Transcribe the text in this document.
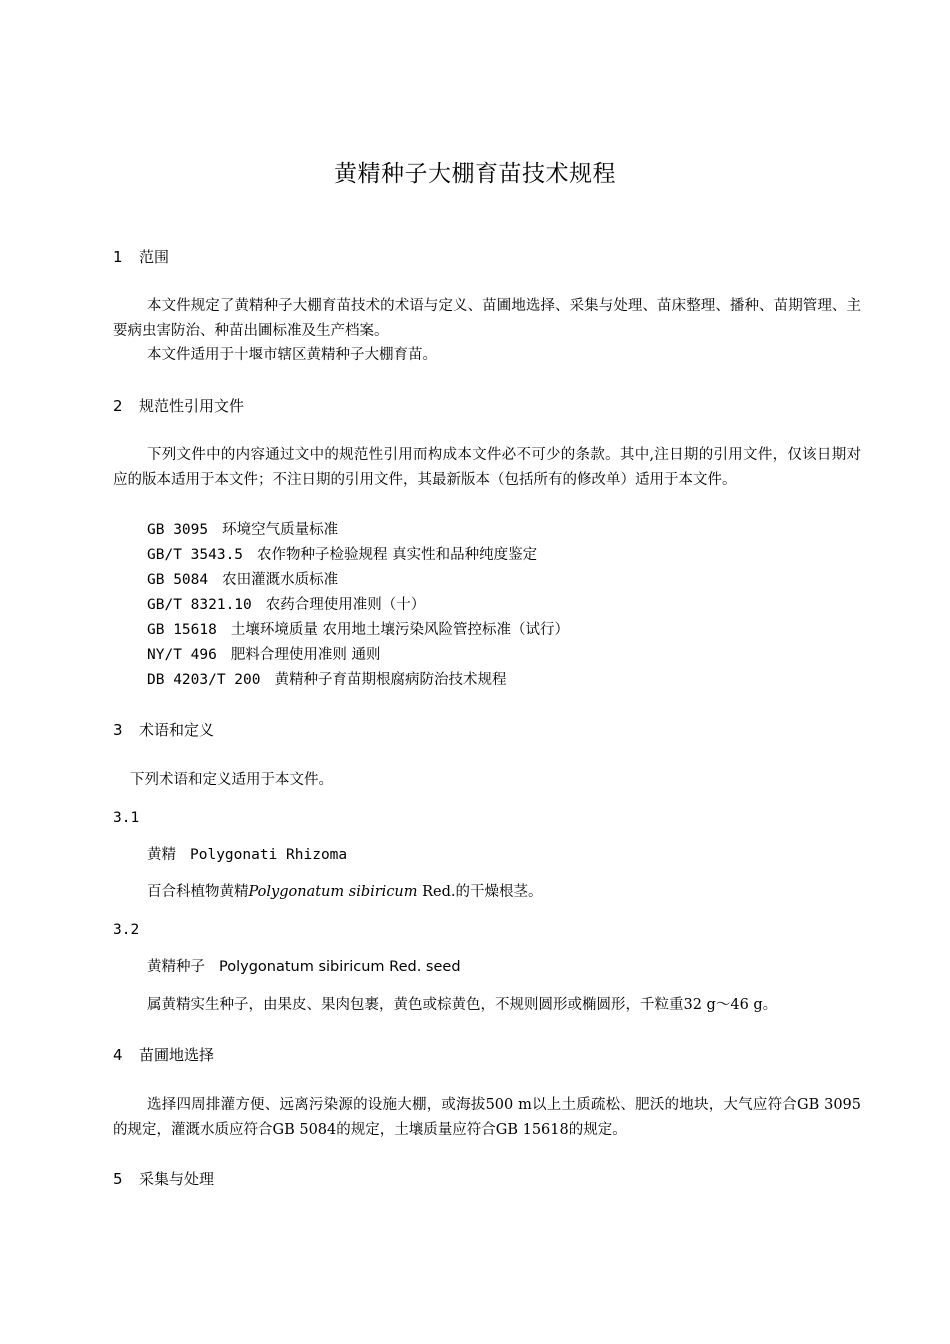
黄精种子大棚育苗技术规程
1 范围
本文件规定了黄精种子大棚育苗技术的术语与定义、苗圃地选择、采集与处理、苗床整理、播种、苗期管理、主要病虫害防治、种苗出圃标准及生产档案。
本文件适用于十堰市辖区黄精种子大棚育苗。
2 规范性引用文件
下列文件中的内容通过文中的规范性引用而构成本文件必不可少的条款。其中,注日期的引用文件，仅该日期对应的版本适用于本文件；不注日期的引用文件，其最新版本（包括所有的修改单）适用于本文件。
GB 3095 环境空气质量标准
GB/T 3543.5 农作物种子检验规程 真实性和品种纯度鉴定
GB 5084 农田灌溉水质标准
GB/T 8321.10 农药合理使用准则（十）
GB 15618 土壤环境质量 农用地土壤污染风险管控标准（试行）
NY/T 496 肥料合理使用准则 通则
DB 4203/T 200 黄精种子育苗期根腐病防治技术规程
3 术语和定义
下列术语和定义适用于本文件。
3.1
黄精 Polygonati Rhizoma
百合科植物黄精Polygonatum sibiricum Red.的干燥根茎。
3.2
黄精种子 Polygonatum sibiricum Red. seed
属黄精实生种子，由果皮、果肉包裹，黄色或棕黄色，不规则圆形或椭圆形，千粒重32 g～46 g。
4 苗圃地选择
选择四周排灌方便、远离污染源的设施大棚，或海拔500 m以上土质疏松、肥沃的地块，大气应符合GB 3095的规定，灌溉水质应符合GB 5084的规定，土壤质量应符合GB 15618的规定。
5 采集与处理
